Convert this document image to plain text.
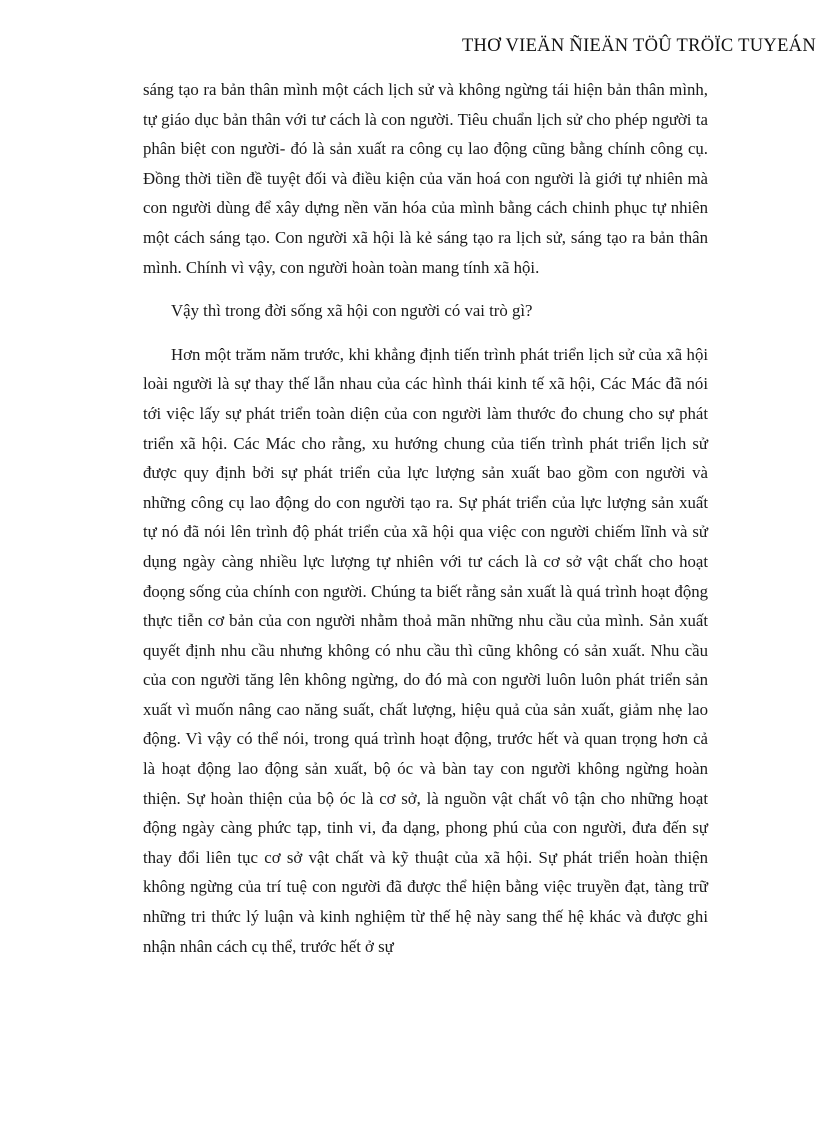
THƠ VIEÄN ÑIEÄN TÖÛ TRÖÏC TUYEÁN

sáng tạo ra bản thân mình một cách lịch sử và không ngừng tái hiện bản thân mình, tự giáo dục bản thân với tư cách là con người. Tiêu chuẩn lịch sử cho phép người ta phân biệt con người- đó là sản xuất ra công cụ lao động cũng bằng chính công cụ. Đồng thời tiền đề tuyệt đối và điều kiện của văn hoá con người là giới tự nhiên mà con người dùng để xây dựng nền văn hóa của mình bằng cách chinh phục tự nhiên một cách sáng tạo. Con người xã hội là kẻ sáng tạo ra lịch sử, sáng tạo ra bản thân mình. Chính vì vậy, con người hoàn toàn mang tính xã hội.

Vậy thì trong đời sống xã hội con người có vai trò gì?

Hơn một trăm năm trước, khi khẳng định tiến trình phát triển lịch sử của xã hội loài người là sự thay thế lẫn nhau của các hình thái kinh tế xã hội, Các Mác đã nói tới việc lấy sự phát triển toàn diện của con người làm thước đo chung cho sự phát triển xã hội. Các Mác cho rằng, xu hướng chung của tiến trình phát triển lịch sử được quy định bởi sự phát triển của lực lượng sản xuất bao gồm con người và những công cụ lao động do con người tạo ra. Sự phát triển của lực lượng sản xuất tự nó đã nói lên trình độ phát triển của xã hội qua việc con người chiếm lĩnh và sử dụng ngày càng nhiều lực lượng tự nhiên với tư cách là cơ sở vật chất cho hoạt đoọng sống của chính con người. Chúng ta biết rằng sản xuất là quá trình hoạt động thực tiễn cơ bản của con người nhằm thoả mãn những nhu cầu của mình. Sản xuất quyết định nhu cầu nhưng không có nhu cầu thì cũng không có sản xuất. Nhu cầu của con người tăng lên không ngừng, do đó mà con người luôn luôn phát triển sản xuất vì muốn nâng cao năng suất, chất lượng, hiệu quả của sản xuất, giảm nhẹ lao động. Vì vậy có thể nói, trong quá trình hoạt động, trước hết và quan trọng hơn cả là hoạt động lao động sản xuất, bộ óc và bàn tay con người không ngừng hoàn thiện. Sự hoàn thiện của bộ óc là cơ sở, là nguồn vật chất vô tận cho những hoạt động ngày càng phức tạp, tinh vi, đa dạng, phong phú của con người, đưa đến sự thay đổi liên tục cơ sở vật chất và kỹ thuật của xã hội. Sự phát triển hoàn thiện không ngừng của trí tuệ con người đã được thể hiện bằng việc truyền đạt, tàng trữ những tri thức lý luận và kinh nghiệm từ thế hệ này sang thế hệ khác và được ghi nhận nhân cách cụ thể, trước hết ở sự
